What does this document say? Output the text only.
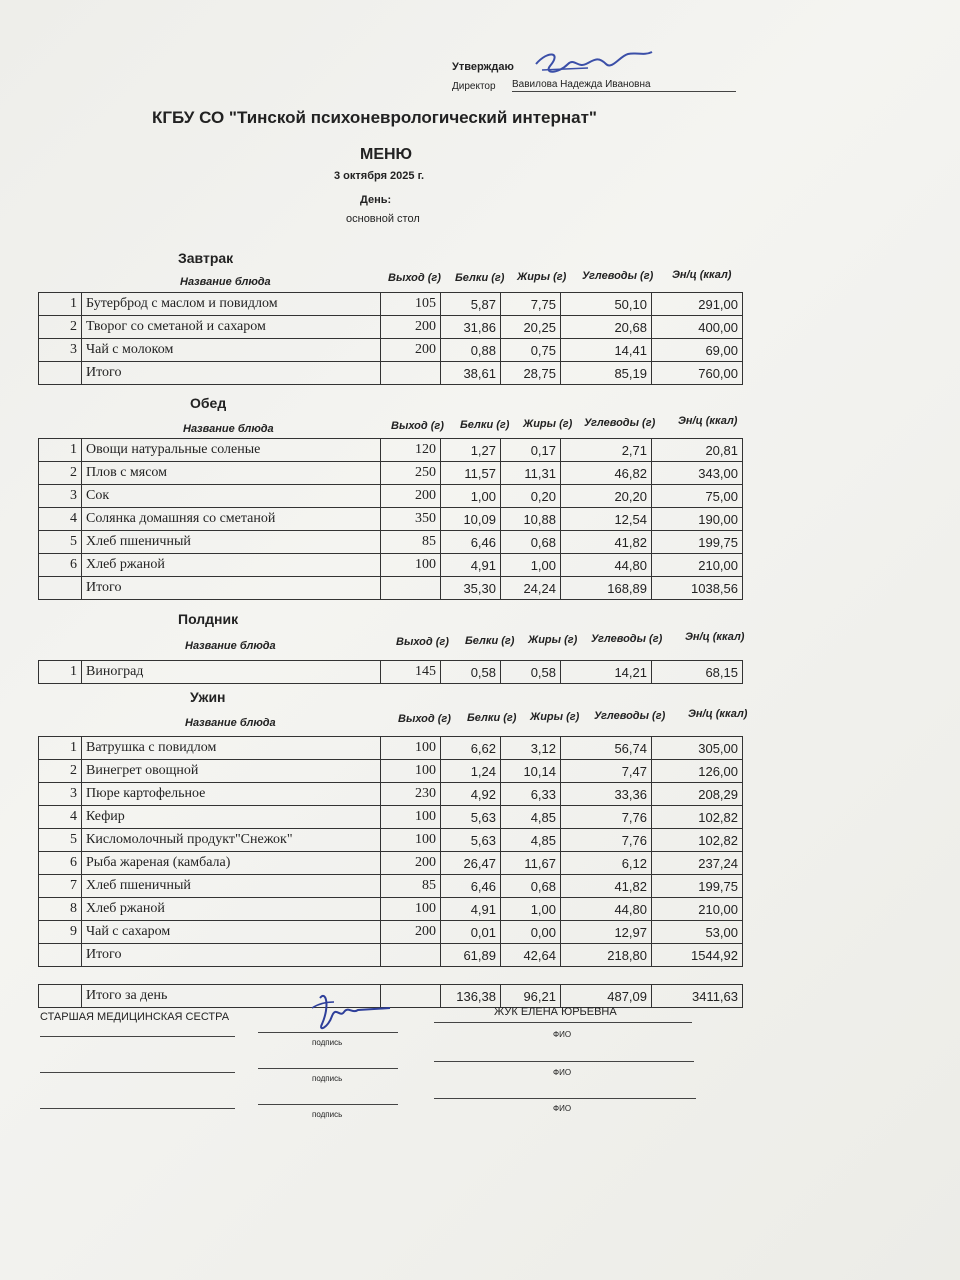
Утверждаю
Директор Вавилова Надежда Ивановна
КГБУ СО "Тинской психоневрологический интернат"
МЕНЮ
3 октября 2025 г.
День:
основной стол
Завтрак
Название блюда	Выход (г) Белки (г) Жиры (г) Углеводы (г) Эн/ц (ккал)
1	Бутерброд с маслом и повидлом	105	5,87	7,75	50,10	291,00
2	Творог со сметаной и сахаром	200	31,86	20,25	20,68	400,00
3	Чай с молоком	200	0,88	0,75	14,41	69,00
	Итого		38,61	28,75	85,19	760,00
Обед
Название блюда	Выход (г) Белки (г) Жиры (г) Углеводы (г) Эн/ц (ккал)
1	Овощи натуральные соленые	120	1,27	0,17	2,71	20,81
2	Плов с мясом	250	11,57	11,31	46,82	343,00
3	Сок	200	1,00	0,20	20,20	75,00
4	Солянка домашняя со сметаной	350	10,09	10,88	12,54	190,00
5	Хлеб пшеничный	85	6,46	0,68	41,82	199,75
6	Хлеб ржаной	100	4,91	1,00	44,80	210,00
	Итого		35,30	24,24	168,89	1038,56
Полдник
Название блюда	Выход (г) Белки (г) Жиры (г) Углеводы (г) Эн/ц (ккал)
1	Виноград	145	0,58	0,58	14,21	68,15
Ужин
Название блюда	Выход (г) Белки (г) Жиры (г) Углеводы (г) Эн/ц (ккал)
1	Ватрушка с повидлом	100	6,62	3,12	56,74	305,00
2	Винегрет овощной	100	1,24	10,14	7,47	126,00
3	Пюре картофельное	230	4,92	6,33	33,36	208,29
4	Кефир	100	5,63	4,85	7,76	102,82
5	Кисломолочный продукт"Снежок"	100	5,63	4,85	7,76	102,82
6	Рыба жареная (камбала)	200	26,47	11,67	6,12	237,24
7	Хлеб пшеничный	85	6,46	0,68	41,82	199,75
8	Хлеб ржаной	100	4,91	1,00	44,80	210,00
9	Чай с сахаром	200	0,01	0,00	12,97	53,00
	Итого		61,89	42,64	218,80	1544,92
	Итого за день		136,38	96,21	487,09	3411,63
СТАРШАЯ МЕДИЦИНСКАЯ СЕСТРА
подпись
ЖУК ЕЛЕНА ЮРЬЕВНА
ФИО
подпись
ФИО
подпись
ФИО
